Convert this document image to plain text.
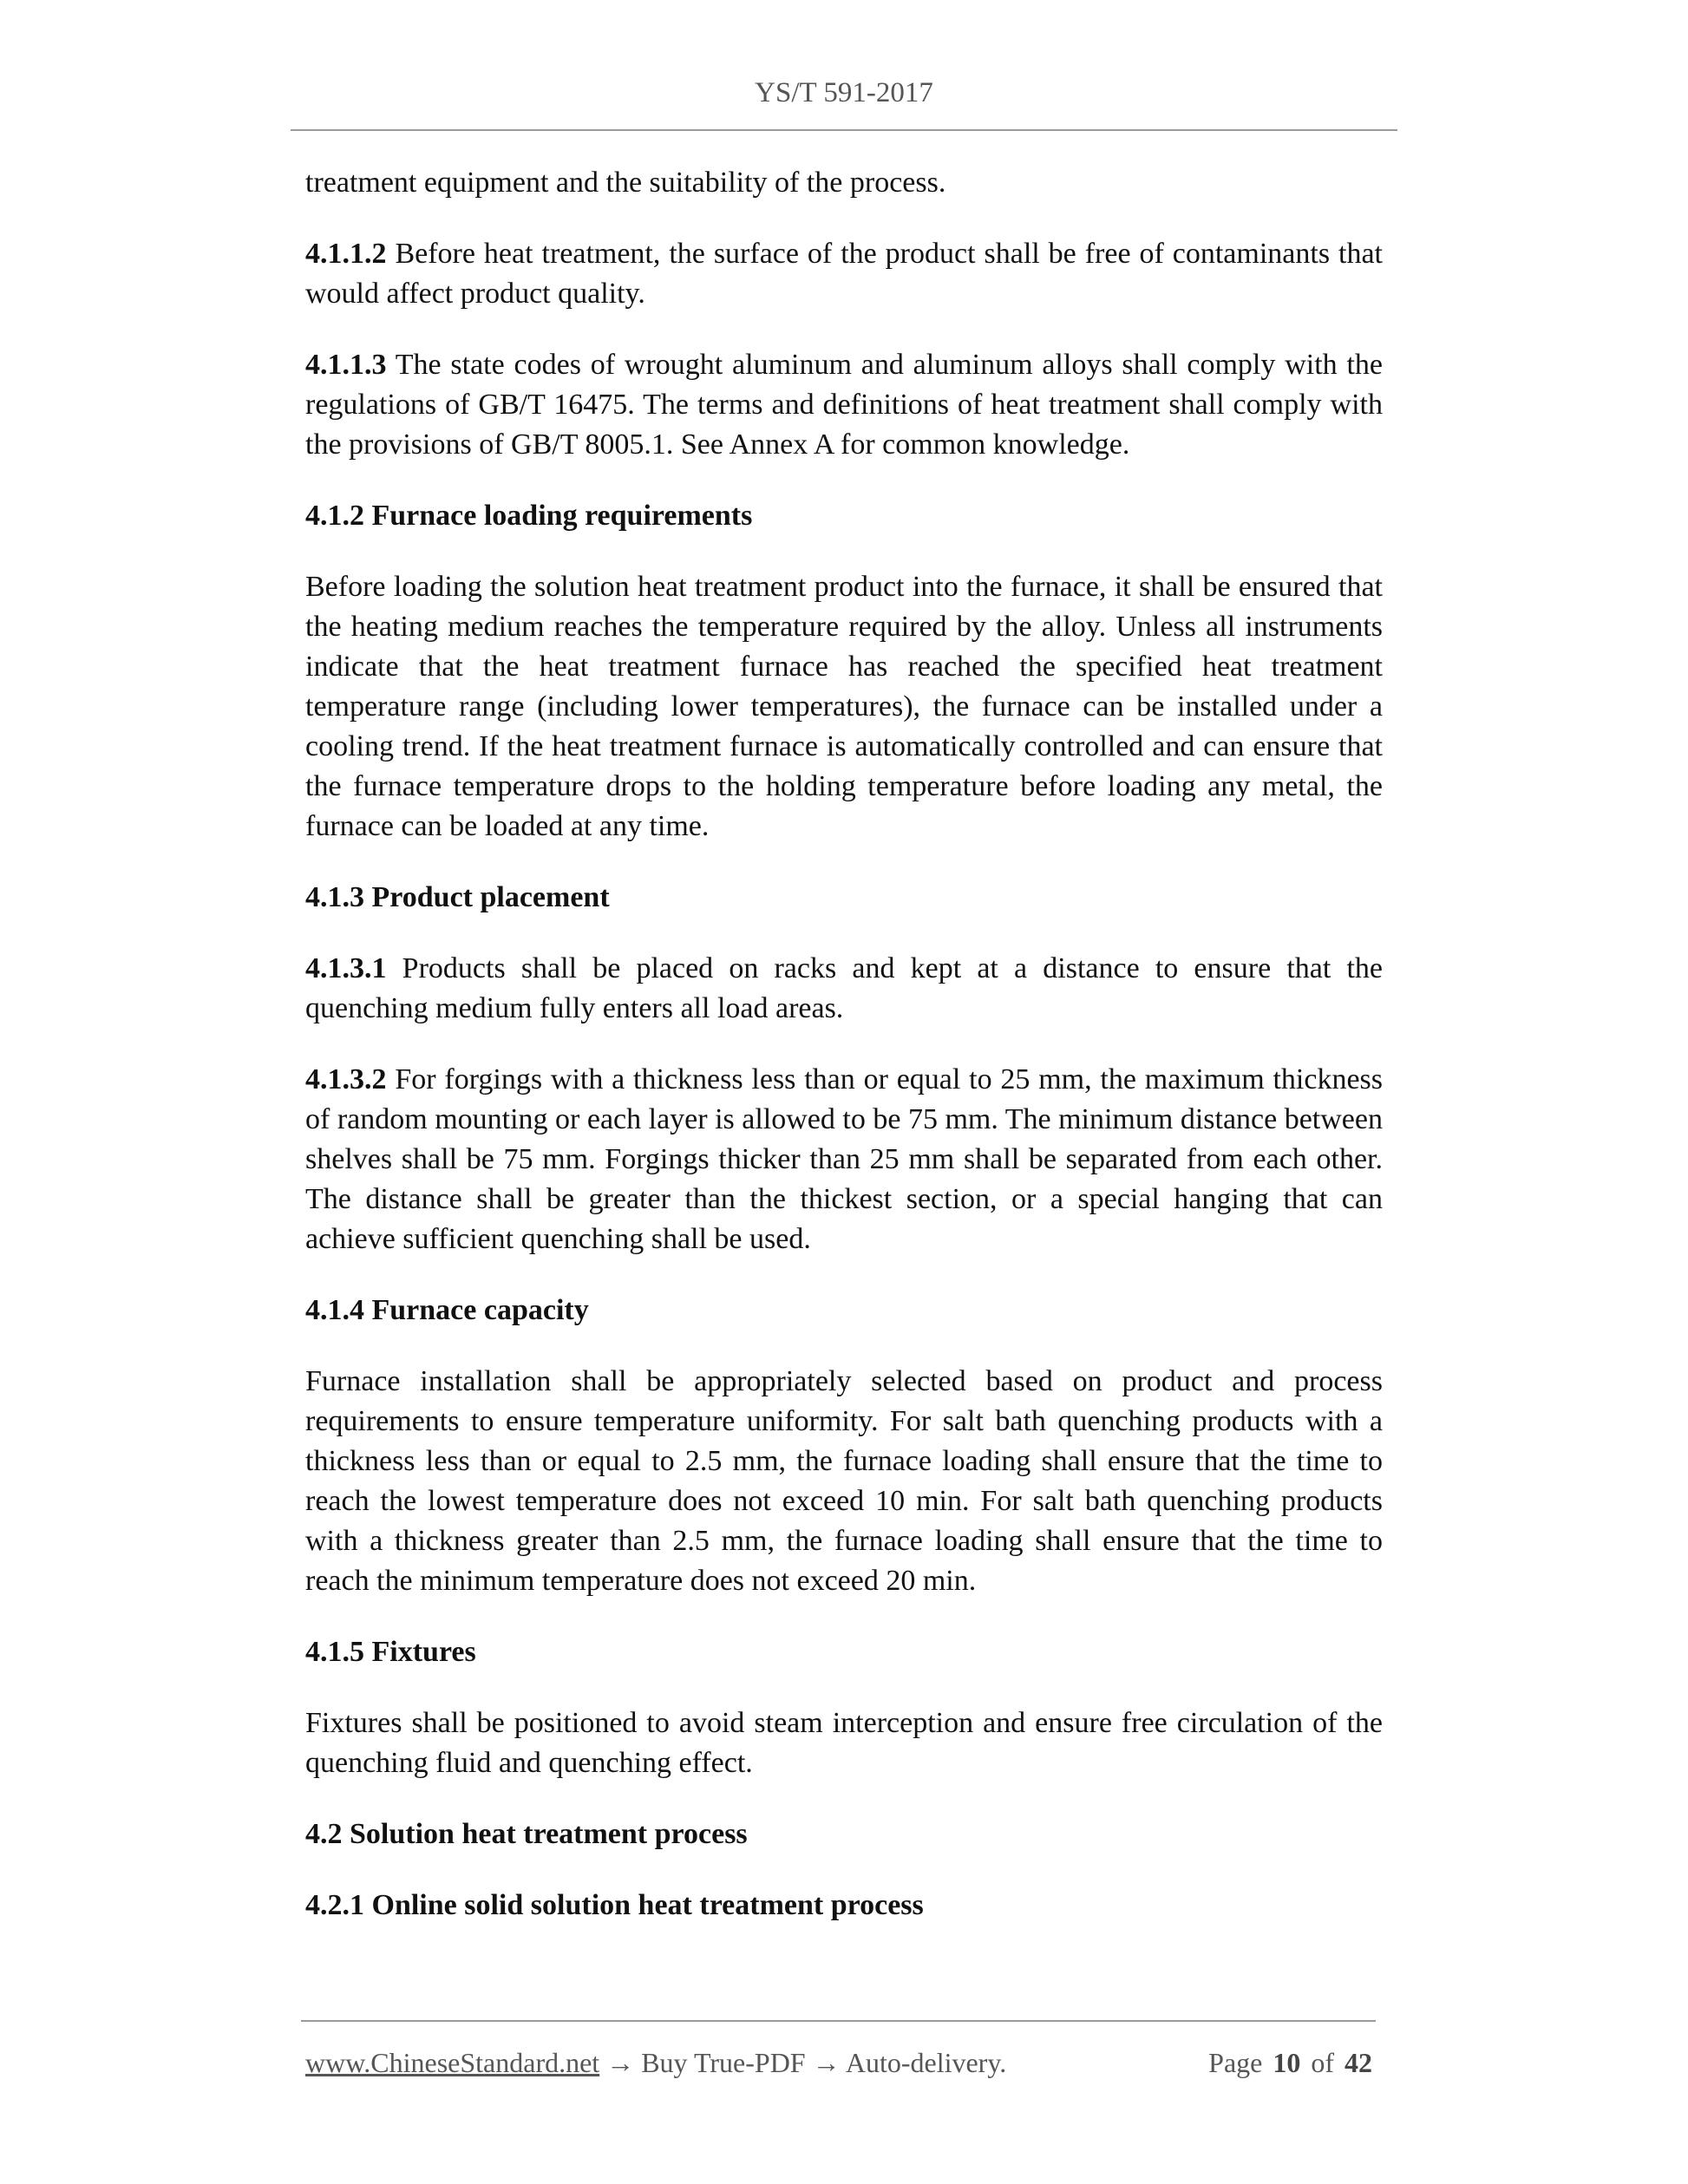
YS/T 591-2017

treatment equipment and the suitability of the process.

4.1.1.2 Before heat treatment, the surface of the product shall be free of contaminants that would affect product quality.

4.1.1.3 The state codes of wrought aluminum and aluminum alloys shall comply with the regulations of GB/T 16475. The terms and definitions of heat treatment shall comply with the provisions of GB/T 8005.1. See Annex A for common knowledge.

4.1.2 Furnace loading requirements

Before loading the solution heat treatment product into the furnace, it shall be ensured that the heating medium reaches the temperature required by the alloy. Unless all instruments indicate that the heat treatment furnace has reached the specified heat treatment temperature range (including lower temperatures), the furnace can be installed under a cooling trend. If the heat treatment furnace is automatically controlled and can ensure that the furnace temperature drops to the holding temperature before loading any metal, the furnace can be loaded at any time.

4.1.3 Product placement

4.1.3.1 Products shall be placed on racks and kept at a distance to ensure that the quenching medium fully enters all load areas.

4.1.3.2 For forgings with a thickness less than or equal to 25 mm, the maximum thickness of random mounting or each layer is allowed to be 75 mm. The minimum distance between shelves shall be 75 mm. Forgings thicker than 25 mm shall be separated from each other. The distance shall be greater than the thickest section, or a special hanging that can achieve sufficient quenching shall be used.

4.1.4 Furnace capacity

Furnace installation shall be appropriately selected based on product and process requirements to ensure temperature uniformity. For salt bath quenching products with a thickness less than or equal to 2.5 mm, the furnace loading shall ensure that the time to reach the lowest temperature does not exceed 10 min. For salt bath quenching products with a thickness greater than 2.5 mm, the furnace loading shall ensure that the time to reach the minimum temperature does not exceed 20 min.

4.1.5 Fixtures

Fixtures shall be positioned to avoid steam interception and ensure free circulation of the quenching fluid and quenching effect.

4.2 Solution heat treatment process

4.2.1 Online solid solution heat treatment process

www.ChineseStandard.net → Buy True-PDF → Auto-delivery.	Page 10 of 42
